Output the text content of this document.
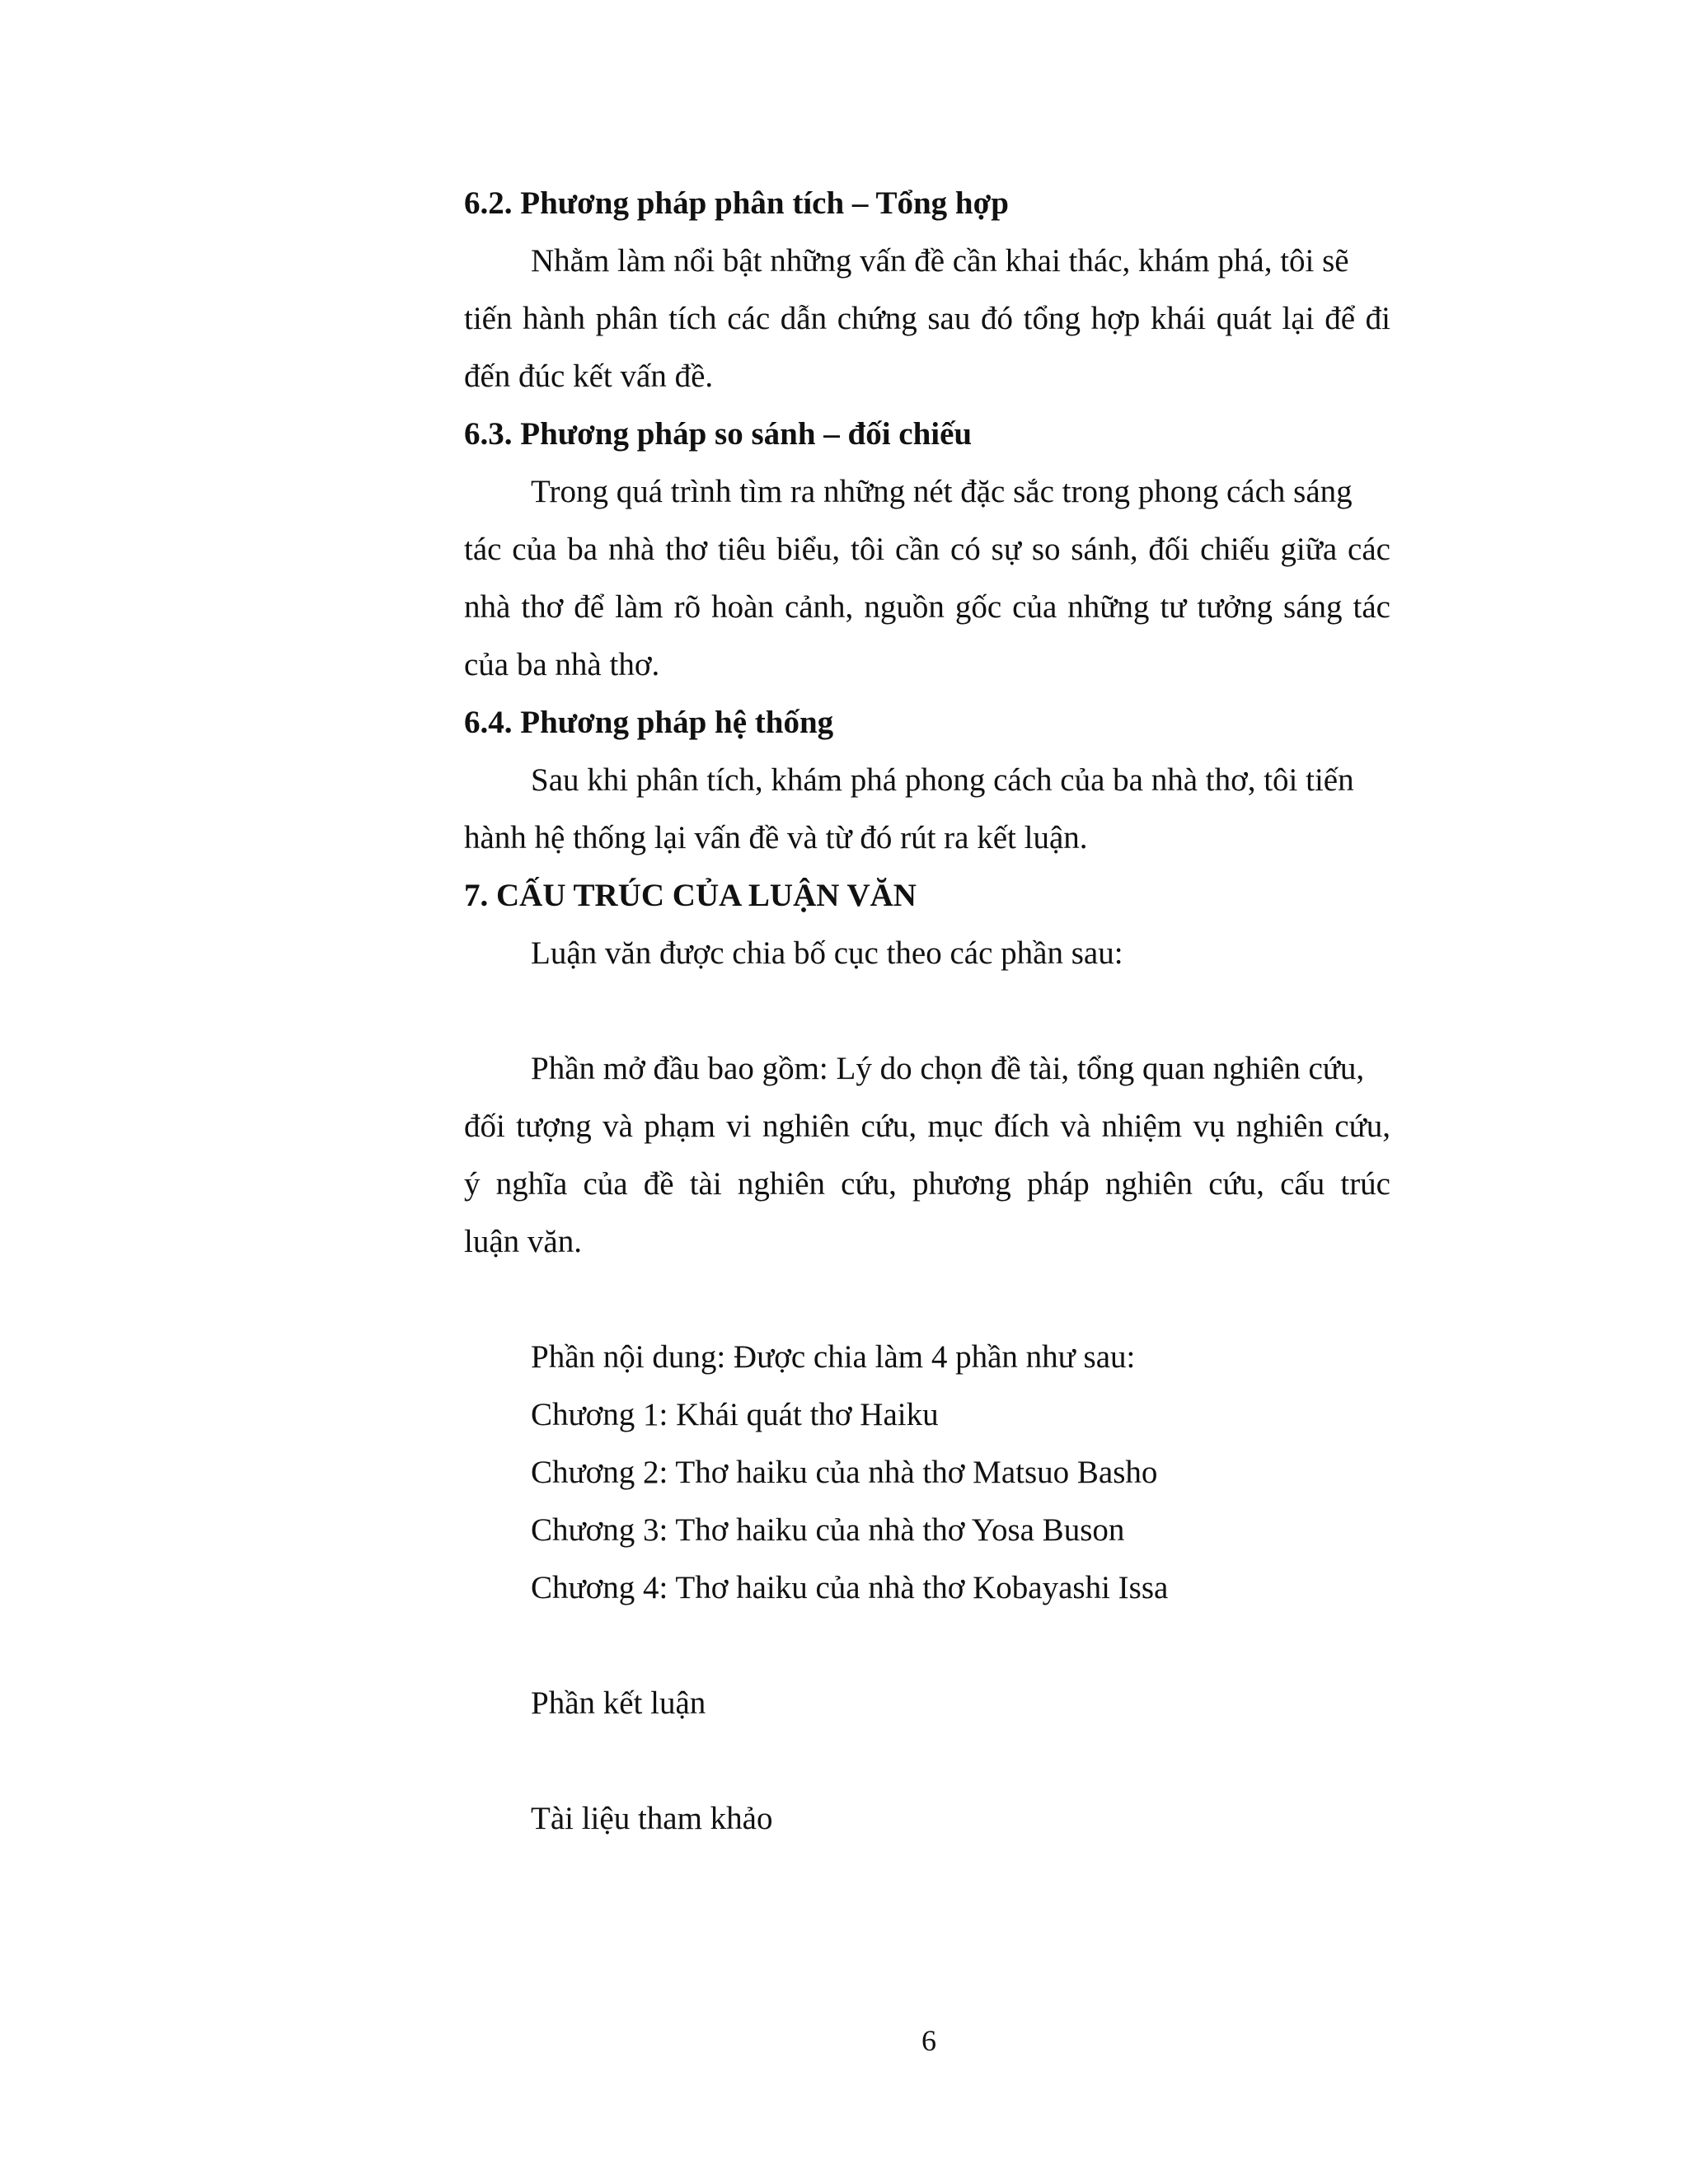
6.2. Phương pháp phân tích – Tổng hợp

Nhằm làm nổi bật những vấn đề cần khai thác, khám phá, tôi sẽ

tiến hành phân tích các dẫn chứng sau đó tổng hợp khái quát lại để đi

đến đúc kết vấn đề.

6.3. Phương pháp so sánh – đối chiếu

Trong quá trình tìm ra những nét đặc sắc trong phong cách sáng

tác của ba nhà thơ tiêu biểu, tôi cần có sự so sánh, đối chiếu giữa các

nhà thơ để làm rõ hoàn cảnh, nguồn gốc của những tư tưởng sáng tác

của ba nhà thơ.

6.4. Phương pháp hệ thống

Sau khi phân tích, khám phá phong cách của ba nhà thơ, tôi tiến

hành hệ thống lại vấn đề và từ đó rút ra kết luận.

7. CẤU TRÚC CỦA LUẬN VĂN

Luận văn được chia bố cục theo các phần sau:

Phần mở đầu bao gồm: Lý do chọn đề tài, tổng quan nghiên cứu,

đối tượng và phạm vi nghiên cứu, mục đích và nhiệm vụ nghiên cứu,

ý nghĩa của đề tài nghiên cứu, phương pháp nghiên cứu, cấu trúc

luận văn.

Phần nội dung: Được chia làm 4 phần như sau:

Chương 1: Khái quát thơ Haiku

Chương 2: Thơ haiku của nhà thơ Matsuo Basho

Chương 3: Thơ haiku của nhà thơ Yosa Buson

Chương 4: Thơ haiku của nhà thơ Kobayashi Issa

Phần kết luận

Tài liệu tham khảo

6
